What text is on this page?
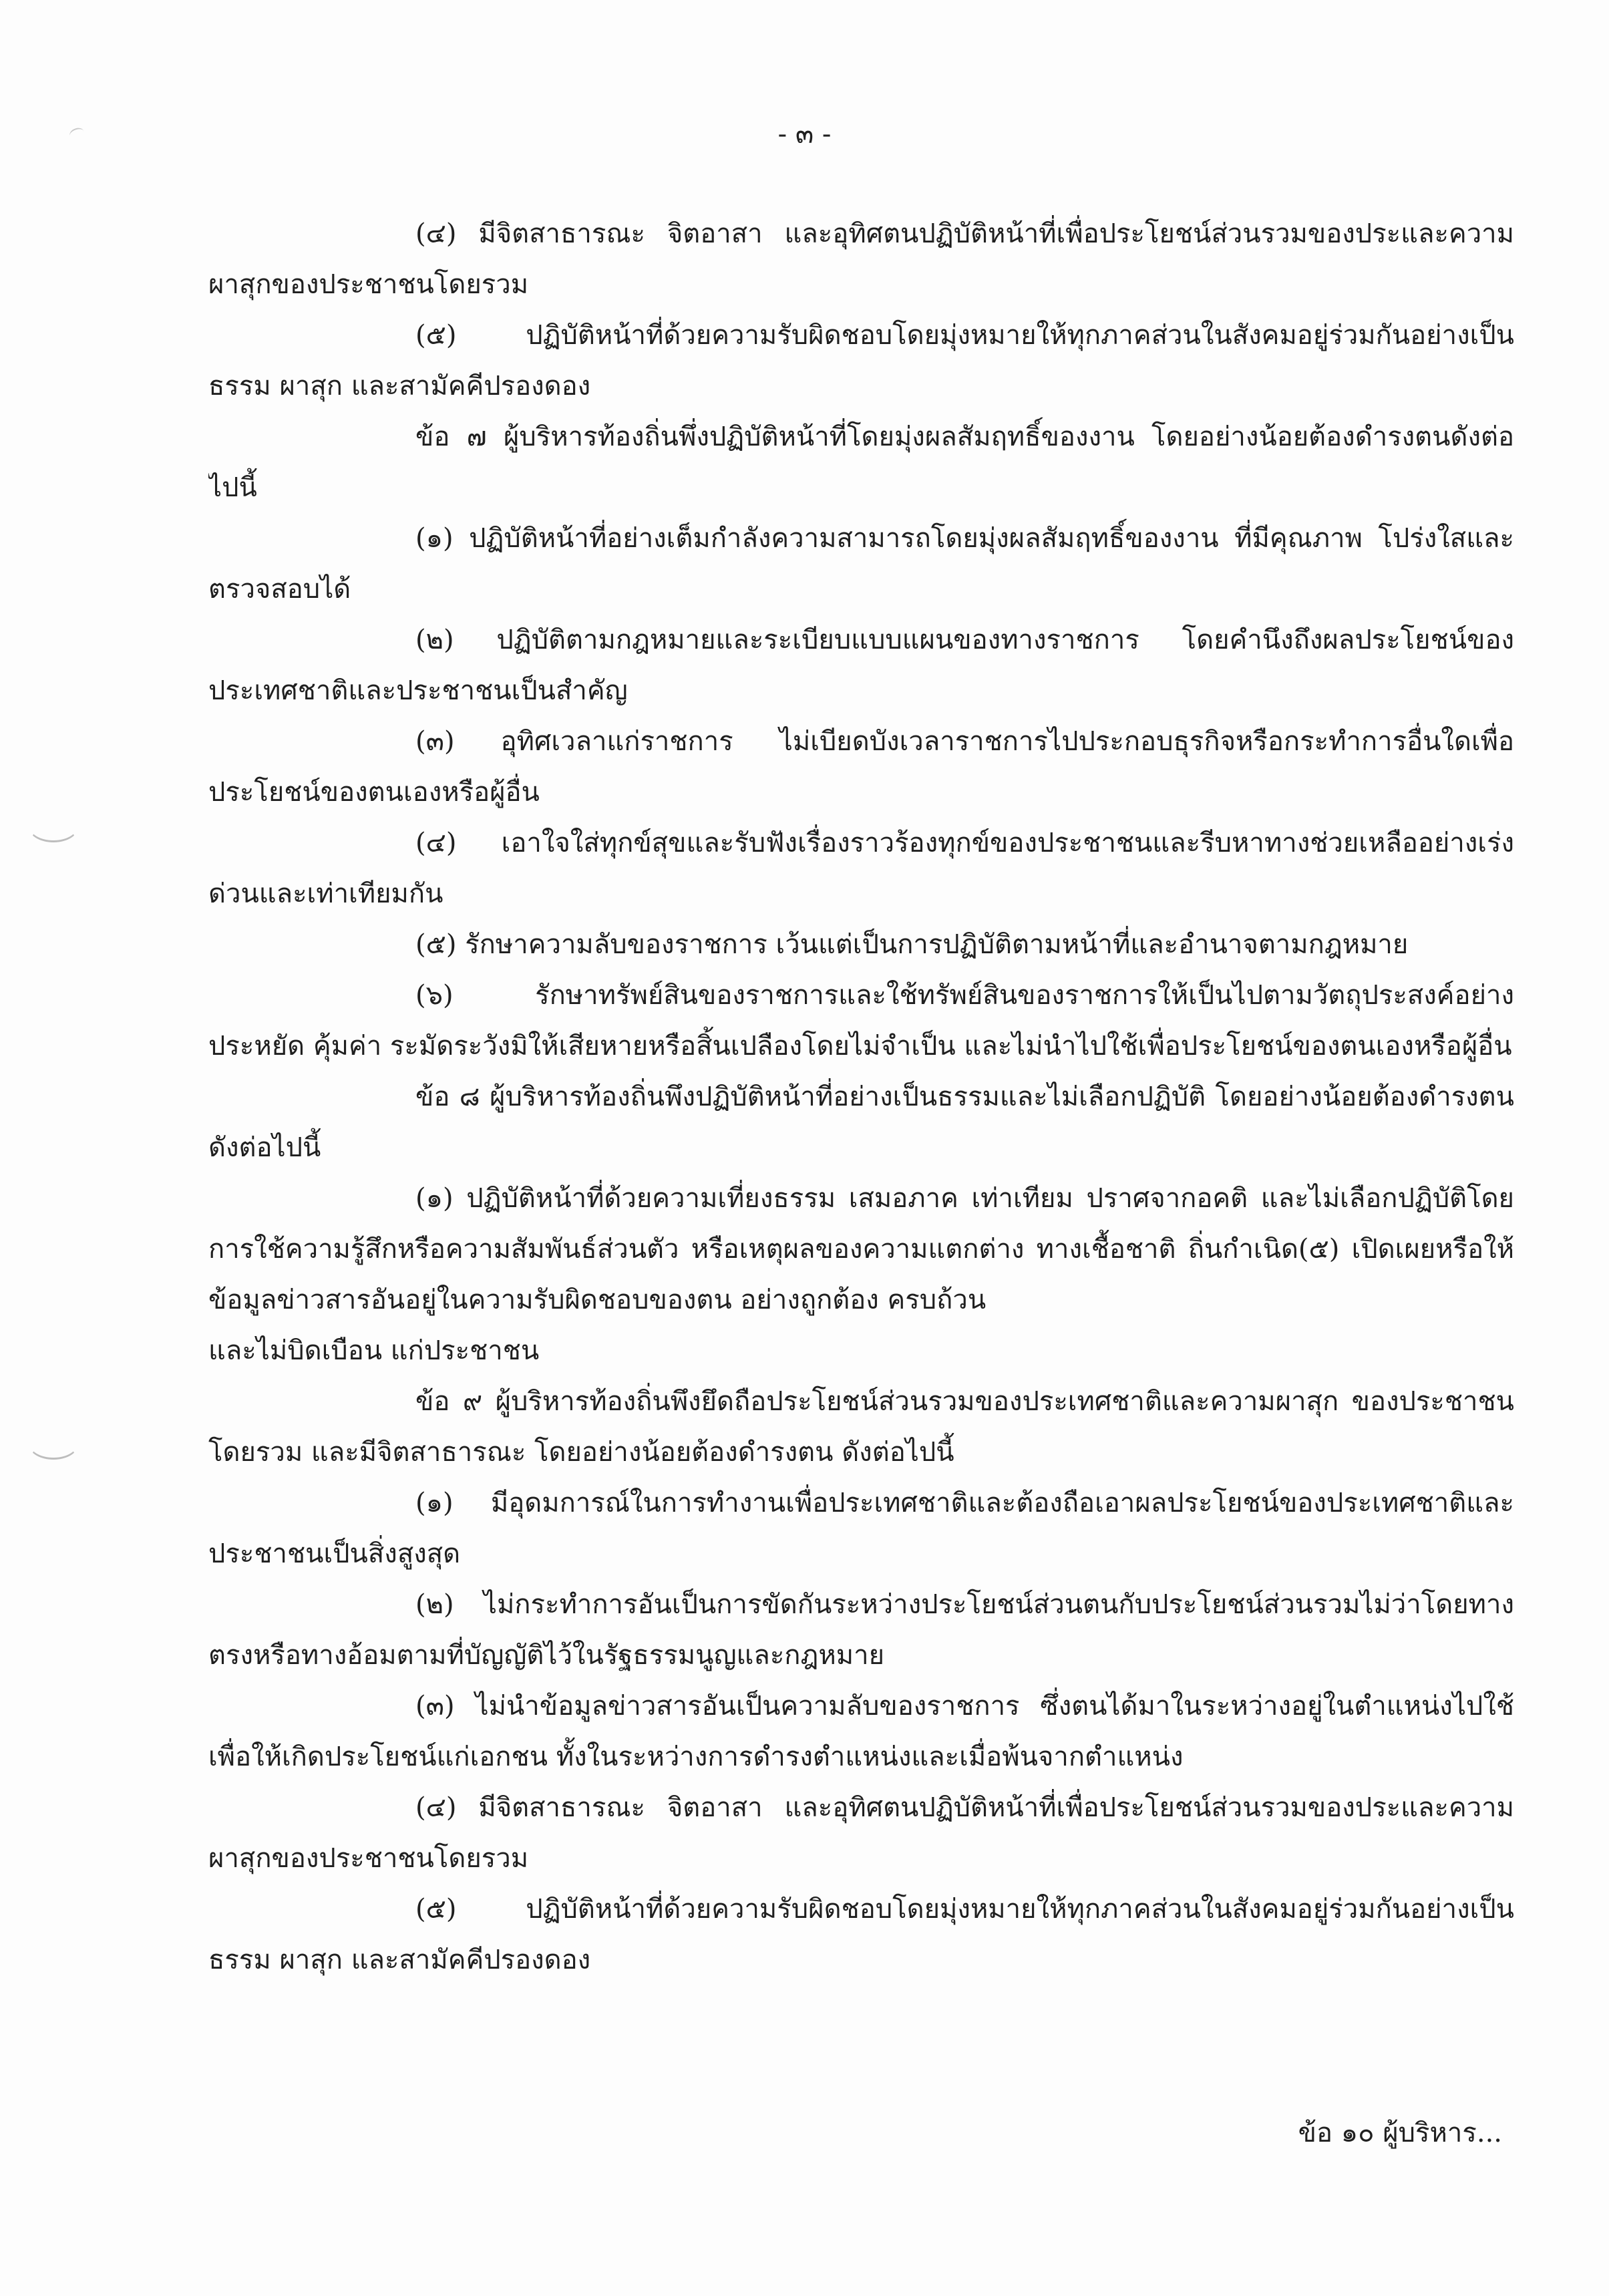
- ๓ -

(๔) มีจิตสาธารณะ จิตอาสา และอุทิศตนปฏิบัติหน้าที่เพื่อประโยชน์ส่วนรวมของประและความผาสุกของประชาชนโดยรวม

(๕) ปฏิบัติหน้าที่ด้วยความรับผิดชอบโดยมุ่งหมายให้ทุกภาคส่วนในสังคมอยู่ร่วมกันอย่างเป็นธรรม ผาสุก และสามัคคีปรองดอง

ข้อ ๗ ผู้บริหารท้องถิ่นพึ่งปฏิบัติหน้าที่โดยมุ่งผลสัมฤทธิ์ของงาน โดยอย่างน้อยต้องดำรงตนดังต่อไปนี้

(๑) ปฏิบัติหน้าที่อย่างเต็มกำลังความสามารถโดยมุ่งผลสัมฤทธิ์ของงาน ที่มีคุณภาพ โปร่งใสและตรวจสอบได้

(๒) ปฏิบัติตามกฎหมายและระเบียบแบบแผนของทางราชการ โดยคำนึงถึงผลประโยชน์ของประเทศชาติและประชาชนเป็นสำคัญ

(๓) อุทิศเวลาแก่ราชการ ไม่เบียดบังเวลาราชการไปประกอบธุรกิจหรือกระทำการอื่นใดเพื่อประโยชน์ของตนเองหรือผู้อื่น

(๔) เอาใจใส่ทุกข์สุขและรับฟังเรื่องราวร้องทุกข์ของประชาชนและรีบหาทางช่วยเหลืออย่างเร่งด่วนและเท่าเทียมกัน

(๕) รักษาความลับของราชการ เว้นแต่เป็นการปฏิบัติตามหน้าที่และอำนาจตามกฎหมาย

(๖) รักษาทรัพย์สินของราชการและใช้ทรัพย์สินของราชการให้เป็นไปตามวัตถุประสงค์อย่างประหยัด คุ้มค่า ระมัดระวังมิให้เสียหายหรือสิ้นเปลืองโดยไม่จำเป็น และไม่นำไปใช้เพื่อประโยชน์ของตนเองหรือผู้อื่น

ข้อ ๘ ผู้บริหารท้องถิ่นพึงปฏิบัติหน้าที่อย่างเป็นธรรมและไม่เลือกปฏิบัติ โดยอย่างน้อยต้องดำรงตน ดังต่อไปนี้

(๑) ปฏิบัติหน้าที่ด้วยความเที่ยงธรรม เสมอภาค เท่าเทียม ปราศจากอคติ และไม่เลือกปฏิบัติโดยการใช้ความรู้สึกหรือความสัมพันธ์ส่วนตัว หรือเหตุผลของความแตกต่าง ทางเชื้อชาติ ถิ่นกำเนิด(๕) เปิดเผยหรือให้ข้อมูลข่าวสารอันอยู่ในความรับผิดชอบของตน อย่างถูกต้อง ครบถ้วน

และไม่บิดเบือน แก่ประชาชน

ข้อ ๙ ผู้บริหารท้องถิ่นพึงยึดถือประโยชน์ส่วนรวมของประเทศชาติและความผาสุก ของประชาชนโดยรวม และมีจิตสาธารณะ โดยอย่างน้อยต้องดำรงตน ดังต่อไปนี้

(๑) มีอุดมการณ์ในการทำงานเพื่อประเทศชาติและต้องถือเอาผลประโยชน์ของประเทศชาติและประชาชนเป็นสิ่งสูงสุด

(๒) ไม่กระทำการอันเป็นการขัดกันระหว่างประโยชน์ส่วนตนกับประโยชน์ส่วนรวมไม่ว่าโดยทางตรงหรือทางอ้อมตามที่บัญญัติไว้ในรัฐธรรมนูญและกฎหมาย

(๓) ไม่นำข้อมูลข่าวสารอันเป็นความลับของราชการ ซึ่งตนได้มาในระหว่างอยู่ในตำแหน่งไปใช้เพื่อให้เกิดประโยชน์แก่เอกชน ทั้งในระหว่างการดำรงตำแหน่งและเมื่อพ้นจากตำแหน่ง

(๔) มีจิตสาธารณะ จิตอาสา และอุทิศตนปฏิบัติหน้าที่เพื่อประโยชน์ส่วนรวมของประและความผาสุกของประชาชนโดยรวม

(๕) ปฏิบัติหน้าที่ด้วยความรับผิดชอบโดยมุ่งหมายให้ทุกภาคส่วนในสังคมอยู่ร่วมกันอย่างเป็นธรรม ผาสุก และสามัคคีปรองดอง

ข้อ ๑๐ ผู้บริหาร...
